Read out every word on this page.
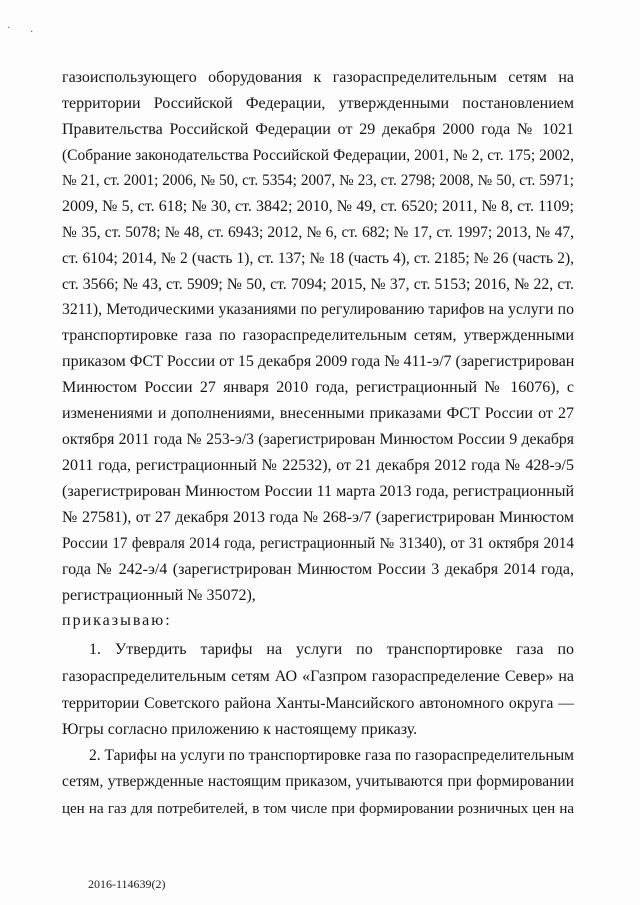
· ·
газоиспользующего оборудования к газораспределительным сетям на
территории Российской Федерации, утвержденными постановлением
Правительства Российской Федерации от 29 декабря 2000 года № 1021
(Собрание законодательства Российской Федерации, 2001, № 2, ст. 175; 2002,
№ 21, ст. 2001; 2006, № 50, ст. 5354; 2007, № 23, ст. 2798; 2008, № 50, ст. 5971;
2009, № 5, ст. 618; № 30, ст. 3842; 2010, № 49, ст. 6520; 2011, № 8, ст. 1109;
№ 35, ст. 5078; № 48, ст. 6943; 2012, № 6, ст. 682; № 17, ст. 1997; 2013, № 47,
ст. 6104; 2014, № 2 (часть 1), ст. 137; № 18 (часть 4), ст. 2185; № 26 (часть 2),
ст. 3566; № 43, ст. 5909; № 50, ст. 7094; 2015, № 37, ст. 5153; 2016, № 22, ст.
3211), Методическими указаниями по регулированию тарифов на услуги по
транспортировке газа по газораспределительным сетям, утвержденными
приказом ФСТ России от 15 декабря 2009 года № 411-э/7 (зарегистрирован
Минюстом России 27 января 2010 года, регистрационный № 16076), с
изменениями и дополнениями, внесенными приказами ФСТ России от 27
октября 2011 года № 253-э/3 (зарегистрирован Минюстом России 9 декабря
2011 года, регистрационный № 22532), от 21 декабря 2012 года № 428-э/5
(зарегистрирован Минюстом России 11 марта 2013 года, регистрационный
№ 27581), от 27 декабря 2013 года № 268-э/7 (зарегистрирован Минюстом
России 17 февраля 2014 года, регистрационный № 31340), от 31 октября 2014
года № 242-э/4 (зарегистрирован Минюстом России 3 декабря 2014 года,
регистрационный № 35072),
приказываю:
1. Утвердить тарифы на услуги по транспортировке газа по
газораспределительным сетям АО «Газпром газораспределение Север» на
территории Советского района Ханты-Мансийского автономного округа —
Югры согласно приложению к настоящему приказу.
2. Тарифы на услуги по транспортировке газа по газораспределительным
сетям, утвержденные настоящим приказом, учитываются при формировании
цен на газ для потребителей, в том числе при формировании розничных цен на
2016-114639(2)
